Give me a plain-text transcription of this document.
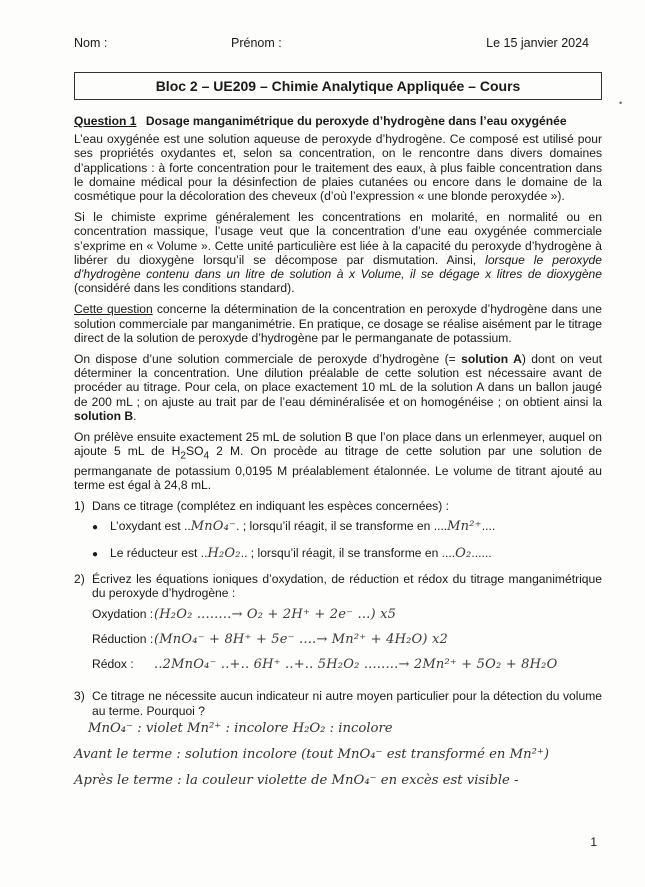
Nom :	Prénom :	Le 15 janvier 2024
Bloc 2 – UE209 – Chimie Analytique Appliquée – Cours
•
Question 1 Dosage manganimétrique du peroxyde d’hydrogène dans l’eau oxygénée

L’eau oxygénée est une solution aqueuse de peroxyde d’hydrogène. Ce composé est utilisé pour ses propriétés oxydantes et, selon sa concentration, on le rencontre dans divers domaines d’applications : à forte concentration pour le traitement des eaux, à plus faible concentration dans le domaine médical pour la désinfection de plaies cutanées ou encore dans le domaine de la cosmétique pour la décoloration des cheveux (d’où l’expression « une blonde peroxydée »).

Si le chimiste exprime généralement les concentrations en molarité, en normalité ou en concentration massique, l’usage veut que la concentration d’une eau oxygénée commerciale s’exprime en « Volume ». Cette unité particulière est liée à la capacité du peroxyde d’hydrogène à libérer du dioxygène lorsqu’il se décompose par dismutation. Ainsi, lorsque le peroxyde d’hydrogène contenu dans un litre de solution à x Volume, il se dégage x litres de dioxygène (considéré dans les conditions standard).

Cette question concerne la détermination de la concentration en peroxyde d’hydrogène dans une solution commerciale par manganimétrie. En pratique, ce dosage se réalise aisément par le titrage direct de la solution de peroxyde d’hydrogène par le permanganate de potassium.

On dispose d’une solution commerciale de peroxyde d’hydrogène (= solution A) dont on veut déterminer la concentration. Une dilution préalable de cette solution est nécessaire avant de procéder au titrage. Pour cela, on place exactement 10 mL de la solution A dans un ballon jaugé de 200 mL ; on ajuste au trait par de l’eau déminéralisée et on homogénéise ; on obtient ainsi la solution B.

On prélève ensuite exactement 25 mL de solution B que l’on place dans un erlenmeyer, auquel on ajoute 5 mL de $H_2SO_4$ 2 M. On procède au titrage de cette solution par une solution de permanganate de potassium 0,0195 M préalablement étalonnée. Le volume de titrant ajouté au terme est égal à 24,8 mL.

1) Dans ce titrage (complétez en indiquant les espèces concernées) :
● L’oxydant est ..MnO₄⁻. ; lorsqu’il réagit, il se transforme en ....Mn²⁺....
● Le réducteur est ..H₂O₂.. ; lorsqu’il réagit, il se transforme en ....O₂......
2) Écrivez les équations ioniques d’oxydation, de réduction et rédox du titrage manganimétrique du peroxyde d’hydrogène :
Oxydation : (H₂O₂ ........→ O₂ + 2H⁺ + 2e⁻ ...) x5
Réduction : (MnO₄⁻ + 8H⁺ + 5e⁻ ....→ Mn²⁺ + 4H₂O) x2
Rédox :	..2MnO₄⁻ ..+.. 6H⁺ ..+.. 5H₂O₂ ........→ 2Mn²⁺ + 5O₂ + 8H₂O
3) Ce titrage ne nécessite aucun indicateur ni autre moyen particulier pour la détection du volume au terme. Pourquoi ?
MnO₄⁻ : violet Mn²⁺ : incolore H₂O₂ : incolore
Avant le terme : solution incolore (tout MnO₄⁻ est transformé en Mn²⁺)
Après le terme : la couleur violette de MnO₄⁻ en excès est visible -
1
